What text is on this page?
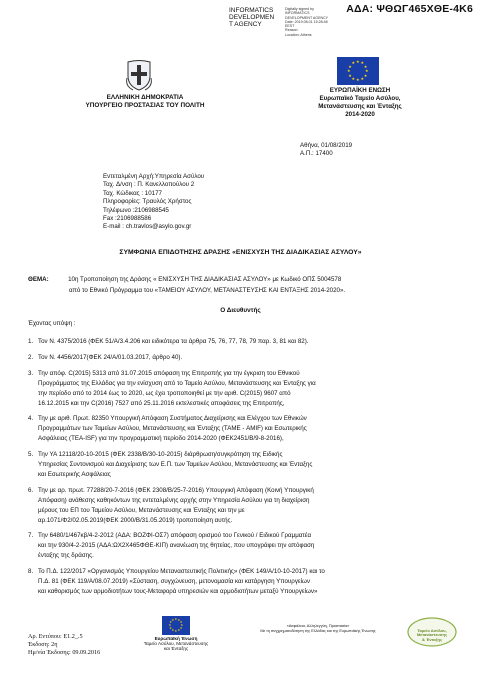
ΑΔΑ: ΨΘΩΓ465ΧΘΕ-4Κ6
INFORMATICS
DEVELOPMEN
T AGENCY
Digitally signed by
INFORMATICS
DEVELOPMENT AGENCY
Date: 2019.08.01 15:28:48
EEST
Reason:
Location: Athens
ΕΛΛΗΝΙΚΗ ΔΗΜΟΚΡΑΤΙΑ
ΥΠΟΥΡΓΕΙΟ ΠΡΟΣΤΑΣΙΑΣ ΤΟΥ ΠΟΛΙΤΗ
★
★
★
★
★
★
★
★
★ ★ ★
★
ΕΥΡΩΠΑΪΚΗ ΕΝΩΣΗ
Ευρωπαϊκό Ταμείο Ασύλου,
Μετανάστευσης και Ένταξης
2014-2020
Αθήνα, 01/08/2019
Α.Π.: 17400
Εντεταλμένη Αρχή:Υπηρεσία Ασύλου
Ταχ. Δ/νση : Π. Κανελλοπούλου 2
Ταχ. Κώδικας : 10177
Πληροφορίες: Τραυλός Χρήστος
Τηλέφωνο :2106988545
Fax :2106988586
E-mail : ch.travlos@asylo.gov.gr
ΣΥΜΦΩΝΙΑ ΕΠΙΔΟΤΗΣΗΣ ΔΡΑΣΗΣ «ΕΝΙΣΧΥΣΗ ΤΗΣ ΔΙΑΔΙΚΑΣΙΑΣ ΑΣΥΛΟΥ»
ΘΕΜΑ:	10η Τροποποίηση της Δράσης « ΕΝΙΣΧΥΣΗ ΤΗΣ ΔΙΑΔΙΚΑΣΙΑΣ ΑΣΥΛΟΥ» με Κωδικό ΟΠΣ 5004578
από το Εθνικό Πρόγραμμα του «ΤΑΜΕΙΟΥ ΑΣΥΛΟΥ, ΜΕΤΑΝΑΣΤΕΥΣΗΣ ΚΑΙ ΕΝΤΑΞΗΣ 2014-2020».
Ο Διευθυντής
Έχοντας υπόψη :
1. Τον Ν. 4375/2016 (ΦΕΚ 51/Α/3.4.206 και ειδικότερα τα άρθρα 75, 76, 77, 78, 79 παρ. 3, 81 και 82).
2. Τον Ν. 4456/2017(ΦΕΚ 24/Α/01.03.2017, άρθρο 40).
3. Την απόφ. C(2015) 5313 από 31.07.2015 απόφαση της Επιτροπής για την έγκριση του Εθνικού
Προγράμματος της Ελλάδας για την ενίσχυση από το Ταμείο Ασύλου, Μετανάστευσης και Ένταξης για
την περίοδο από το 2014 έως το 2020, ως έχει τροποποιηθεί με την αριθ. C(2015) 9607 από
16.12.2015 και την C(2016) 7527 από 25.11.2016 εκτελεστικές αποφάσεις της Επιτροπής,
4. Την με αριθ. Πρωτ. 82350 Υπουργική Απόφαση Συστήματος Διαχείρισης και Ελέγχου των Εθνικών
Προγραμμάτων των Ταμείων Ασύλου, Μετανάστευσης και Ένταξης (ΤΑΜΕ - AMIF) και Εσωτερικής
Ασφάλειας (ΤΕΑ-ISF) για την προγραμματική περίοδο 2014-2020 (ΦΕΚ2451/Β/9-8-2016),
5. Την ΥΑ 12118/20-10-2015 (ΦΕΚ 2338/Β/30-10-2015) διάρθρωση/συγκρότηση της Ειδικής
Υπηρεσίας Συντονισμού και Διαχείρισης των Ε.Π. των Ταμείων Ασύλου, Μετανάστευσης και Ένταξης
και Εσωτερικής Ασφάλειας
6. Την με αρ. πρωτ. 77288/20-7-2016 (ΦΕΚ 2308/Β/25-7-2016) Υπουργική Απόφαση (Κοινή Υπουργική
Απόφαση) ανάθεσης καθηκόντων της εντεταλμένης αρχής στην Υπηρεσία Ασύλου για τη διαχείριση
μέρους του ΕΠ του Ταμείου Ασύλου, Μετανάστευσης και Ένταξης και την με
αρ.1071/Φ2/02.05.2019(ΦΕΚ 2000/Β/31.05.2019) τροποποίηση αυτής.
7. Την 6480/1/467κβ/4-2-2012 (ΑΔΑ: ΒΟΖΦΙ-ΟΣ7) απόφαση ορισμού του Γενικού / Ειδικού Γραμματέα
και την 930/4-2-2015 (ΑΔΑ:ΩΧ2Χ465ΦΘΕ-ΚΙΠ) ανανέωση της θητείας, που υπογράφει την απόφαση
ένταξης της δράσης.
8. Το Π.Δ. 122/2017 «Οργανισμός Υπουργείου Μεταναστευτικής Πολιτικής» (ΦΕΚ 149/Α/10-10-2017) και το
Π.Δ. 81 (ΦΕΚ 119/Α/08.07.2019) «Σύσταση, συγχώνευση, μετονομασία και κατάργηση Υπουργείων
και καθορισμός των αρμοδιοτήτων τους-Μεταφορά υπηρεσιών και αρμοδιοτήτων μεταξύ Υπουργείων»
Αρ. Εντύπου: Ε1.2_.5
Έκδοση: 2η
Ημ/νία Έκδοσης: 09.09.2016
★
★
★
★
★
★
★
★
★ ★ ★
★
Ευρωπαϊκή Ένωση
Ταμείο Ασύλου, Μετανάστευσης
και Ένταξης
«Ασφάλεια, Αλληλεγγύη, Προστασία»
Με τη συγχρηματοδότηση της Ελλάδας και της Ευρωπαϊκής Ένωσης	Ταμείο Ασύλου,
Μετανάστευσης
& Ένταξης
